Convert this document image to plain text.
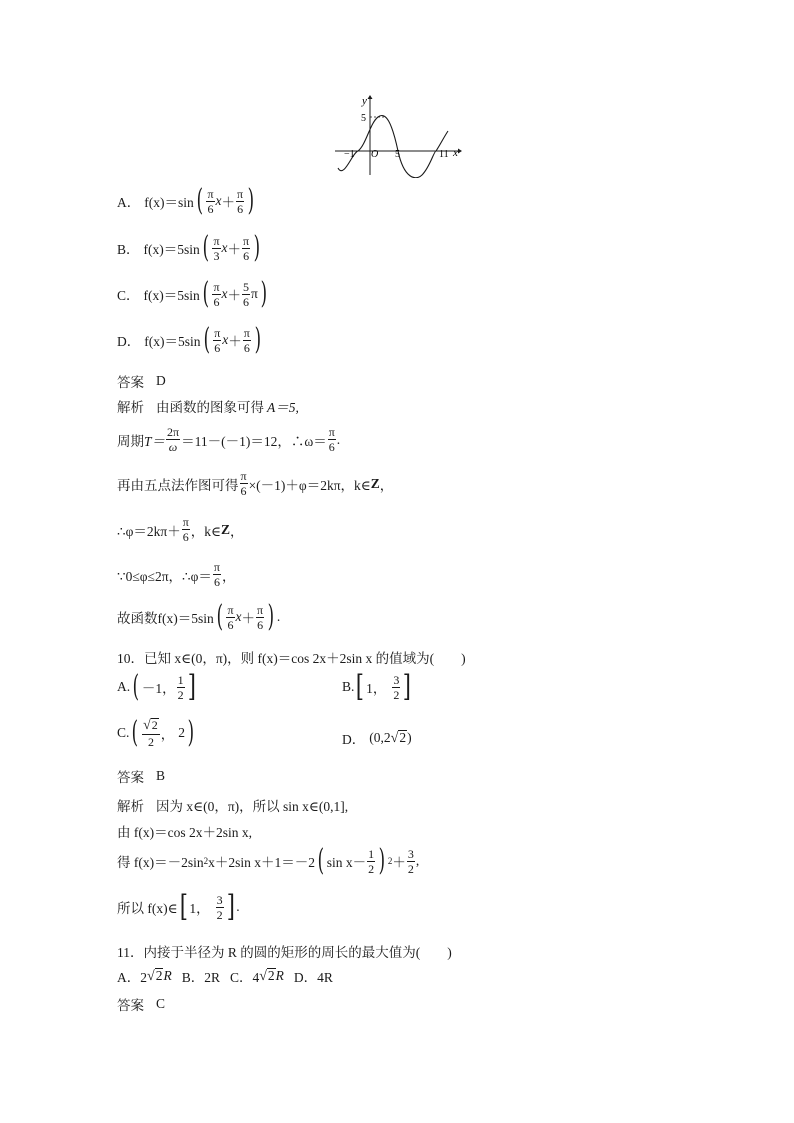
y
x
O
−1	5	11
5
A． f(x)＝sin ( $\frac{\pi}{6}$ $x + \frac{\pi}{6}$ )
B． f(x)＝5sin ( $\frac{\pi}{3}$ $x + \frac{\pi}{6}$ )
C． f(x)＝5sin ( $\frac{\pi}{6}$ $x + \frac{5}{6}$ π )
D． f(x)＝5sin ( $\frac{\pi}{6}$ $x + \frac{\pi}{6}$ )
答案 D
解析 由函数的图象可得 A＝5,
周期 $T= \frac{2\pi}{\omega} =11-(-1)=12$，∴ω＝ $\frac{\pi}{6}$ .
再由五点法作图可得 $\frac{\pi}{6} \times(-1)+\varphi=2k\pi$，k∈ Z ，
∴φ＝2kπ＋ $\frac{\pi}{6}$ ，k∈ Z ，
∵0≤φ≤2π，∴φ＝ $\frac{\pi}{6}$ ，
故函数 f(x)＝5sin ( $\frac{\pi}{6}$ $x + \frac{\pi}{6}$ ) .
10．已知 x∈(0，π)，则 f(x)＝cos 2x＋2sin x 的值域为(　　)
A. ( －1， $\frac{1}{2}$ ]	B. [ 1， $\frac{3}{2}$ ]
C. ( $\frac{√ 2}{2}$ ， 2 )	D． (0,2 √ 2 )
答案 B
解析 因为 x∈(0，π)，所以 sin x∈(0,1],
由 f(x)＝cos 2x＋2sin x,
得 f(x)＝－2sin 2 x＋2sin x＋1＝－2 ( $\sin x- \frac{1}{2}$ ) $2 + \frac{3}{2}$ ,
所以 f(x)∈ [ 1， $\frac{3}{2}$ ] .
11．内接于半径为 R 的圆的矩形的周长的最大值为(　　)
A．2 √ 2 R B．2R C．4 √ 2 R D．4R
答案 C
